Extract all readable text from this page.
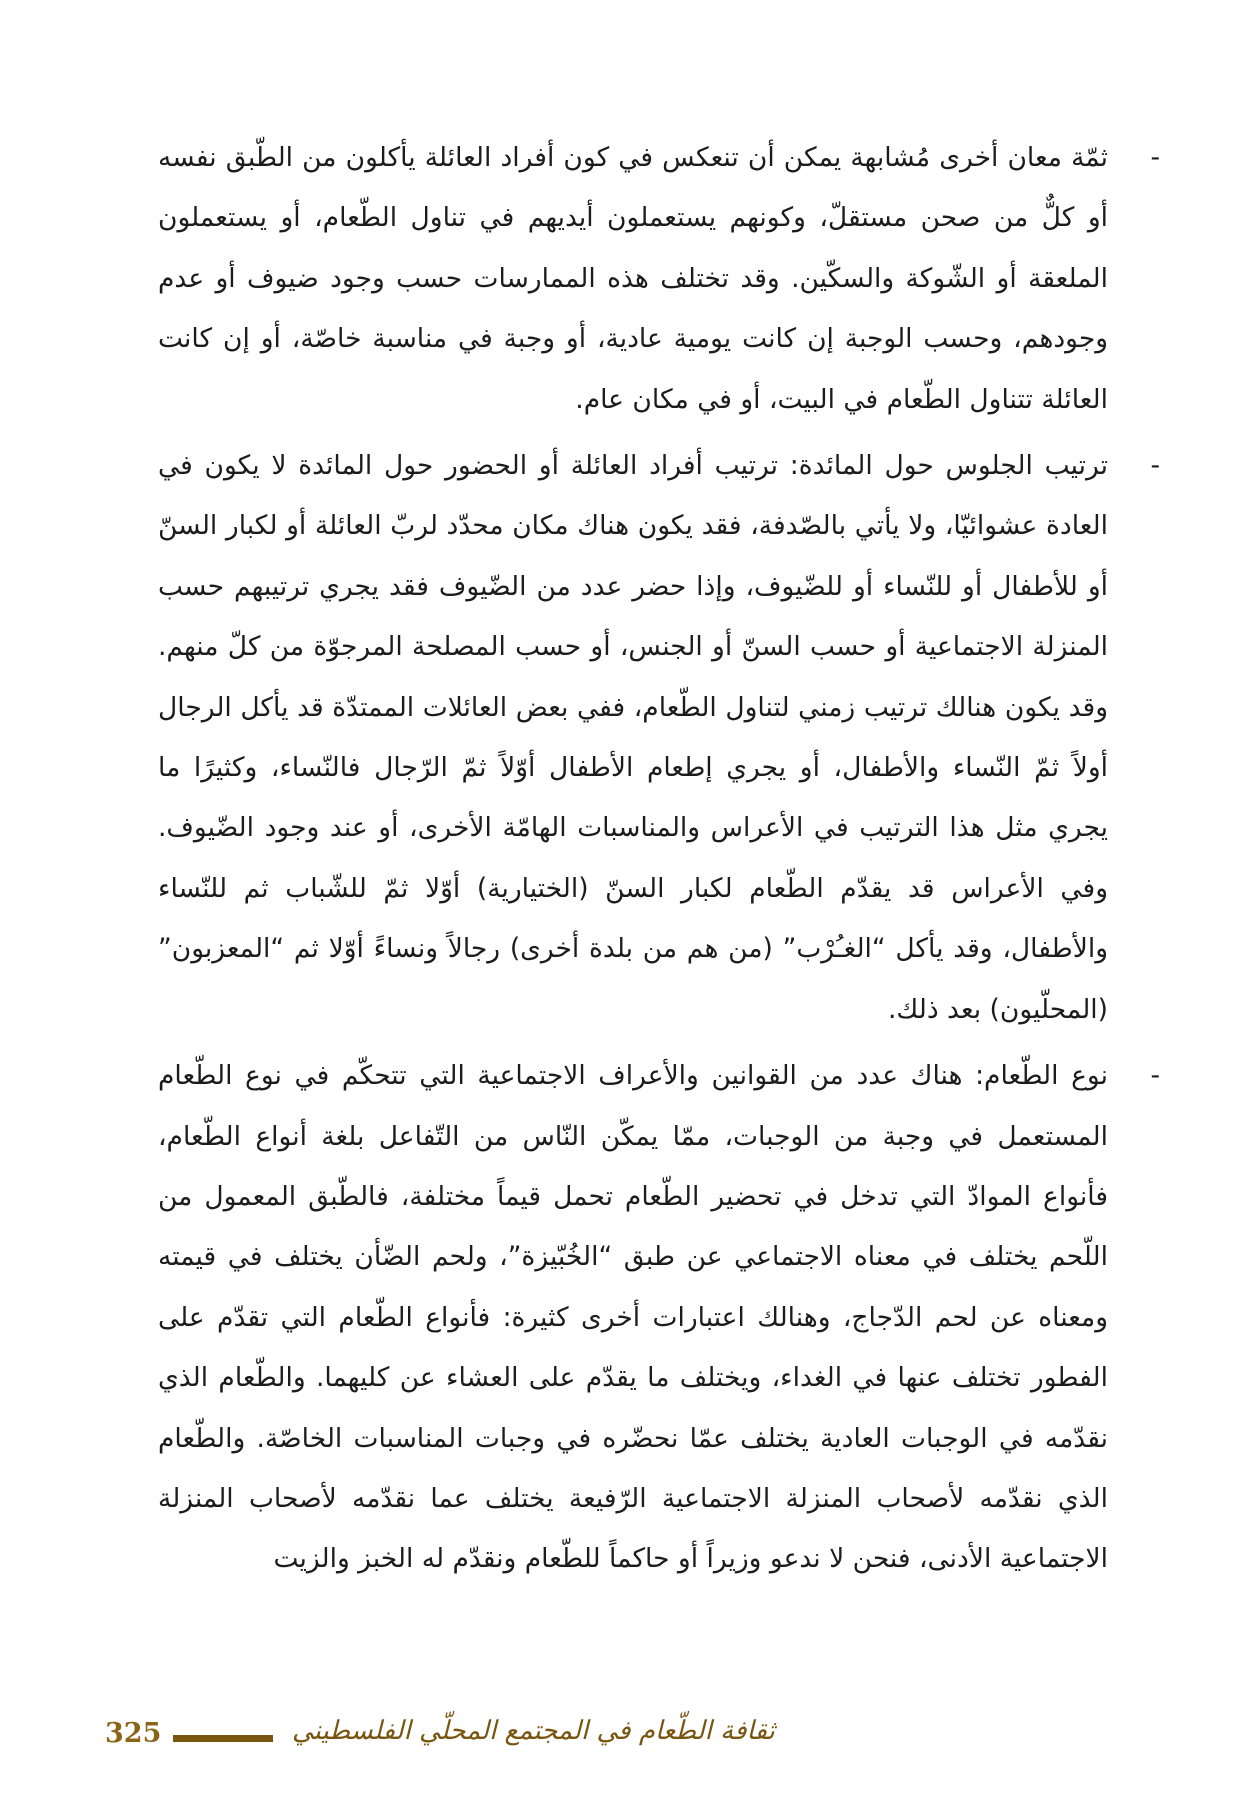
-
ثمّة معان أخرى مُشابهة يمكن أن تنعكس في كون أفراد العائلة يأكلون من الطّبق نفسه أو كلٌّ من صحن مستقلّ، وكونهم يستعملون أيديهم في تناول الطّعام، أو يستعملون الملعقة أو الشّوكة والسكّين. وقد تختلف هذه الممارسات حسب وجود ضيوف أو عدم وجودهم، وحسب الوجبة إن كانت يومية عادية، أو وجبة في مناسبة خاصّة، أو إن كانت العائلة تتناول الطّعام في البيت، أو في مكان عام.

-
ترتيب الجلوس حول المائدة: ترتيب أفراد العائلة أو الحضور حول المائدة لا يكون في العادة عشوائيّا، ولا يأتي بالصّدفة، فقد يكون هناك مكان محدّد لربّ العائلة أو لكبار السنّ أو للأطفال أو للنّساء أو للضّيوف، وإذا حضر عدد من الضّيوف فقد يجري ترتيبهم حسب المنزلة الاجتماعية أو حسب السنّ أو الجنس، أو حسب المصلحة المرجوّة من كلّ منهم. وقد يكون هنالك ترتيب زمني لتناول الطّعام، ففي بعض العائلات الممتدّة قد يأكل الرجال أولاً ثمّ النّساء والأطفال، أو يجري إطعام الأطفال أوّلاً ثمّ الرّجال فالنّساء، وكثيرًا ما يجري مثل هذا الترتيب في الأعراس والمناسبات الهامّة الأخرى، أو عند وجود الضّيوف. وفي الأعراس قد يقدّم الطّعام لكبار السنّ (الختيارية) أوّلا ثمّ للشّباب ثم للنّساء والأطفال، وقد يأكل “الغـُرْب” (من هم من بلدة أخرى) رجالاً ونساءً أوّلا ثم “المعزبون” (المحلّيون) بعد ذلك.

-
نوع الطّعام: هناك عدد من القوانين والأعراف الاجتماعية التي تتحكّم في نوع الطّعام المستعمل في وجبة من الوجبات، ممّا يمكّن النّاس من التّفاعل بلغة أنواع الطّعام، فأنواع الموادّ التي تدخل في تحضير الطّعام تحمل قيماً مختلفة، فالطّبق المعمول من اللّحم يختلف في معناه الاجتماعي عن طبق “الخُبّيزة”، ولحم الضّأن يختلف في قيمته ومعناه عن لحم الدّجاج، وهنالك اعتبارات أخرى كثيرة: فأنواع الطّعام التي تقدّم على الفطور تختلف عنها في الغداء، ويختلف ما يقدّم على العشاء عن كليهما. والطّعام الذي نقدّمه في الوجبات العادية يختلف عمّا نحضّره في وجبات المناسبات الخاصّة. والطّعام الذي نقدّمه لأصحاب المنزلة الاجتماعية الرّفيعة يختلف عما نقدّمه لأصحاب المنزلة الاجتماعية الأدنى، فنحن لا ندعو وزيراً أو حاكماً للطّعام ونقدّم له الخبز والزيت

325	ثقافة الطّعام في المجتمع المحلّي الفلسطيني
